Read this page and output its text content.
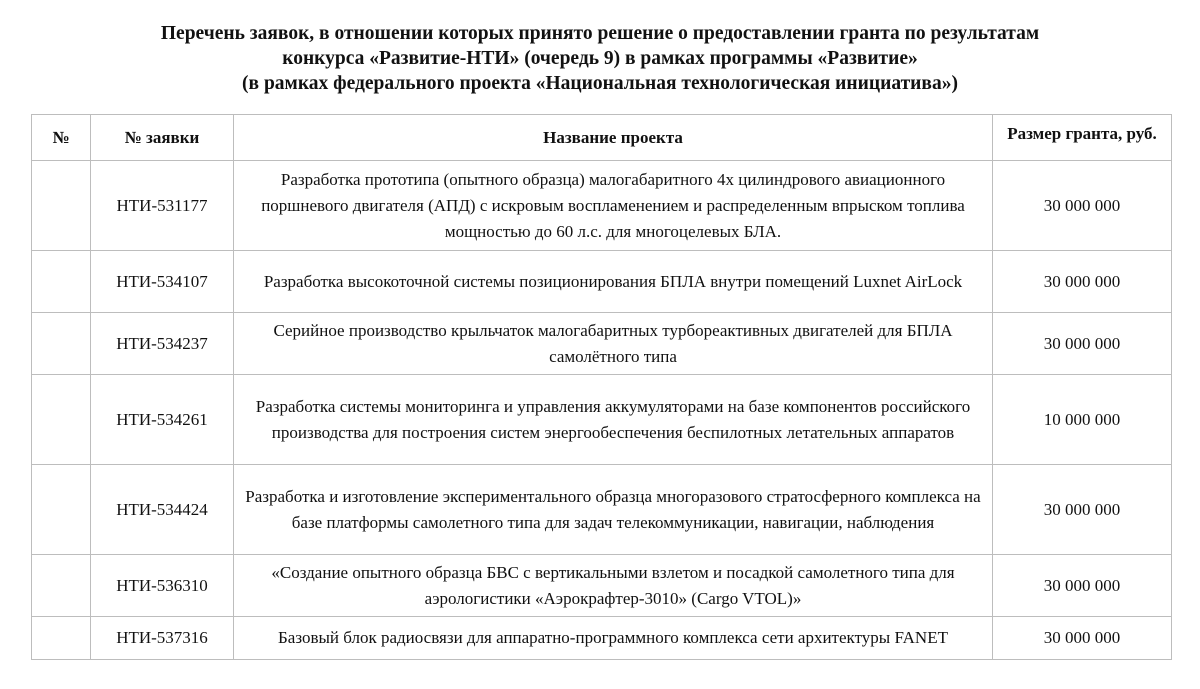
Перечень заявок, в отношении которых принято решение о предоставлении гранта по результатам
конкурса «Развитие-НТИ» (очередь 9) в рамках программы «Развитие»
(в рамках федерального проекта «Национальная технологическая инициатива»)
№	№ заявки	Название проекта	Размер гранта, руб.

	НТИ-531177	Разработка прототипа (опытного образца) малогабаритного 4х цилиндрового авиационного поршневого двигателя (АПД) с искровым воспламенением и распределенным впрыском топлива мощностью до 60 л.с. для многоцелевых БЛА.	30 000 000
	НТИ-534107	Разработка высокоточной системы позиционирования БПЛА внутри помещений Luxnet AirLock	30 000 000
	НТИ-534237	Серийное производство крыльчаток малогабаритных турбореактивных двигателей для БПЛА самолётного типа	30 000 000
	НТИ-534261	Разработка системы мониторинга и управления аккумуляторами на базе компонентов российского производства для построения систем энергообеспечения беспилотных летательных аппаратов	10 000 000
	НТИ-534424	Разработка и изготовление экспериментального образца многоразового стратосферного комплекса на базе платформы самолетного типа для задач телекоммуникации, навигации, наблюдения	30 000 000
	НТИ-536310	«Создание опытного образца БВС с вертикальными взлетом и посадкой самолетного типа для аэрологистики «Аэрокрафтер-3010» (Cargo VTOL)»	30 000 000
	НТИ-537316	Базовый блок радиосвязи для аппаратно-программного комплекса сети архитектуры FANET	30 000 000
